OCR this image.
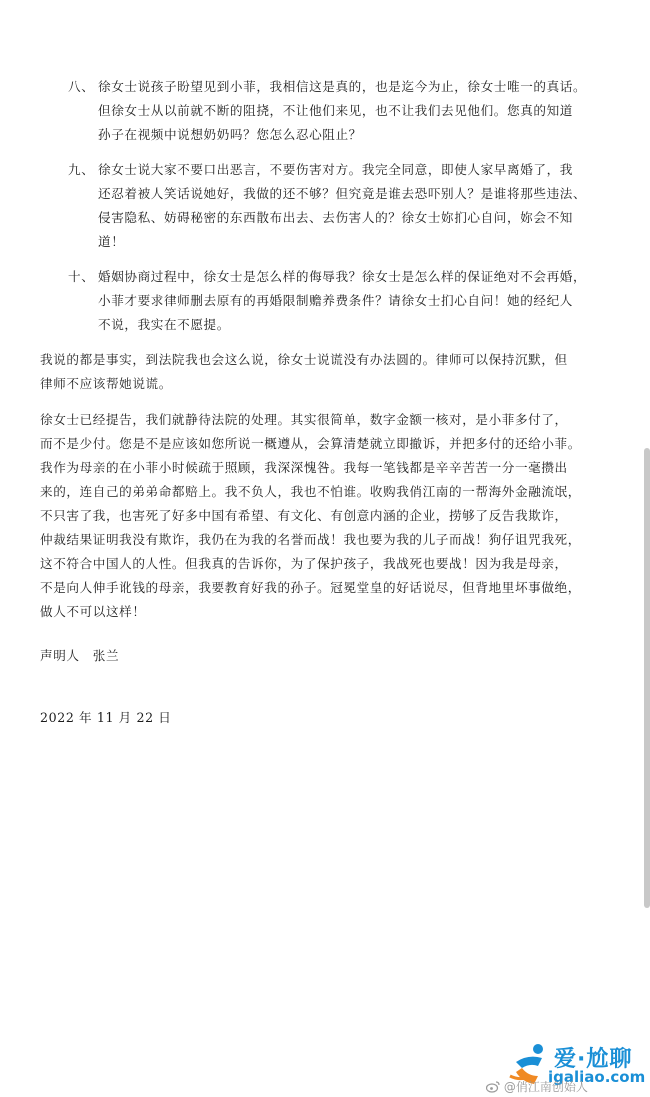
八、 徐女士说孩子盼望见到小菲，我相信这是真的，也是迄今为止，徐女士唯一的真话。
但徐女士从以前就不断的阻挠，不让他们来见，也不让我们去见他们。您真的知道
孙子在视频中说想奶奶吗？您怎么忍心阻止？
九、 徐女士说大家不要口出恶言，不要伤害对方。我完全同意，即使人家早离婚了，我
还忍着被人笑话说她好，我做的还不够？但究竟是谁去恐吓别人？是谁将那些违法、
侵害隐私、妨碍秘密的东西散布出去、去伤害人的？徐女士妳扪心自问，妳会不知
道！
十、 婚姻协商过程中，徐女士是怎么样的侮辱我？徐女士是怎么样的保证绝对不会再婚，
小菲才要求律师删去原有的再婚限制赡养费条件？请徐女士扪心自问！她的经纪人
不说，我实在不愿提。
我说的都是事实，到法院我也会这么说，徐女士说谎没有办法圆的。律师可以保持沉默，但
律师不应该帮她说谎。
徐女士已经提告，我们就静待法院的处理。其实很简单，数字金额一核对，是小菲多付了，
而不是少付。您是不是应该如您所说一概遵从，会算清楚就立即撤诉，并把多付的还给小菲。
我作为母亲的在小菲小时候疏于照顾，我深深愧咎。我每一笔钱都是辛辛苦苦一分一毫攒出
来的，连自己的弟弟命都赔上。我不负人，我也不怕谁。收购我俏江南的一帮海外金融流氓，
不只害了我，也害死了好多中国有希望、有文化、有创意内涵的企业，捞够了反告我欺诈，
仲裁结果证明我没有欺诈，我仍在为我的名誉而战！我也要为我的儿子而战！狗仔诅咒我死，
这不符合中国人的人性。但我真的告诉你，为了保护孩子，我战死也要战！因为我是母亲，
不是向人伸手讹钱的母亲，我要教育好我的孙子。冠冕堂皇的好话说尽，但背地里坏事做绝，
做人不可以这样！
声明人　张兰
2022 年 11 月 22 日
爱·尬聊
igaliao.com
@俏江南创始人
